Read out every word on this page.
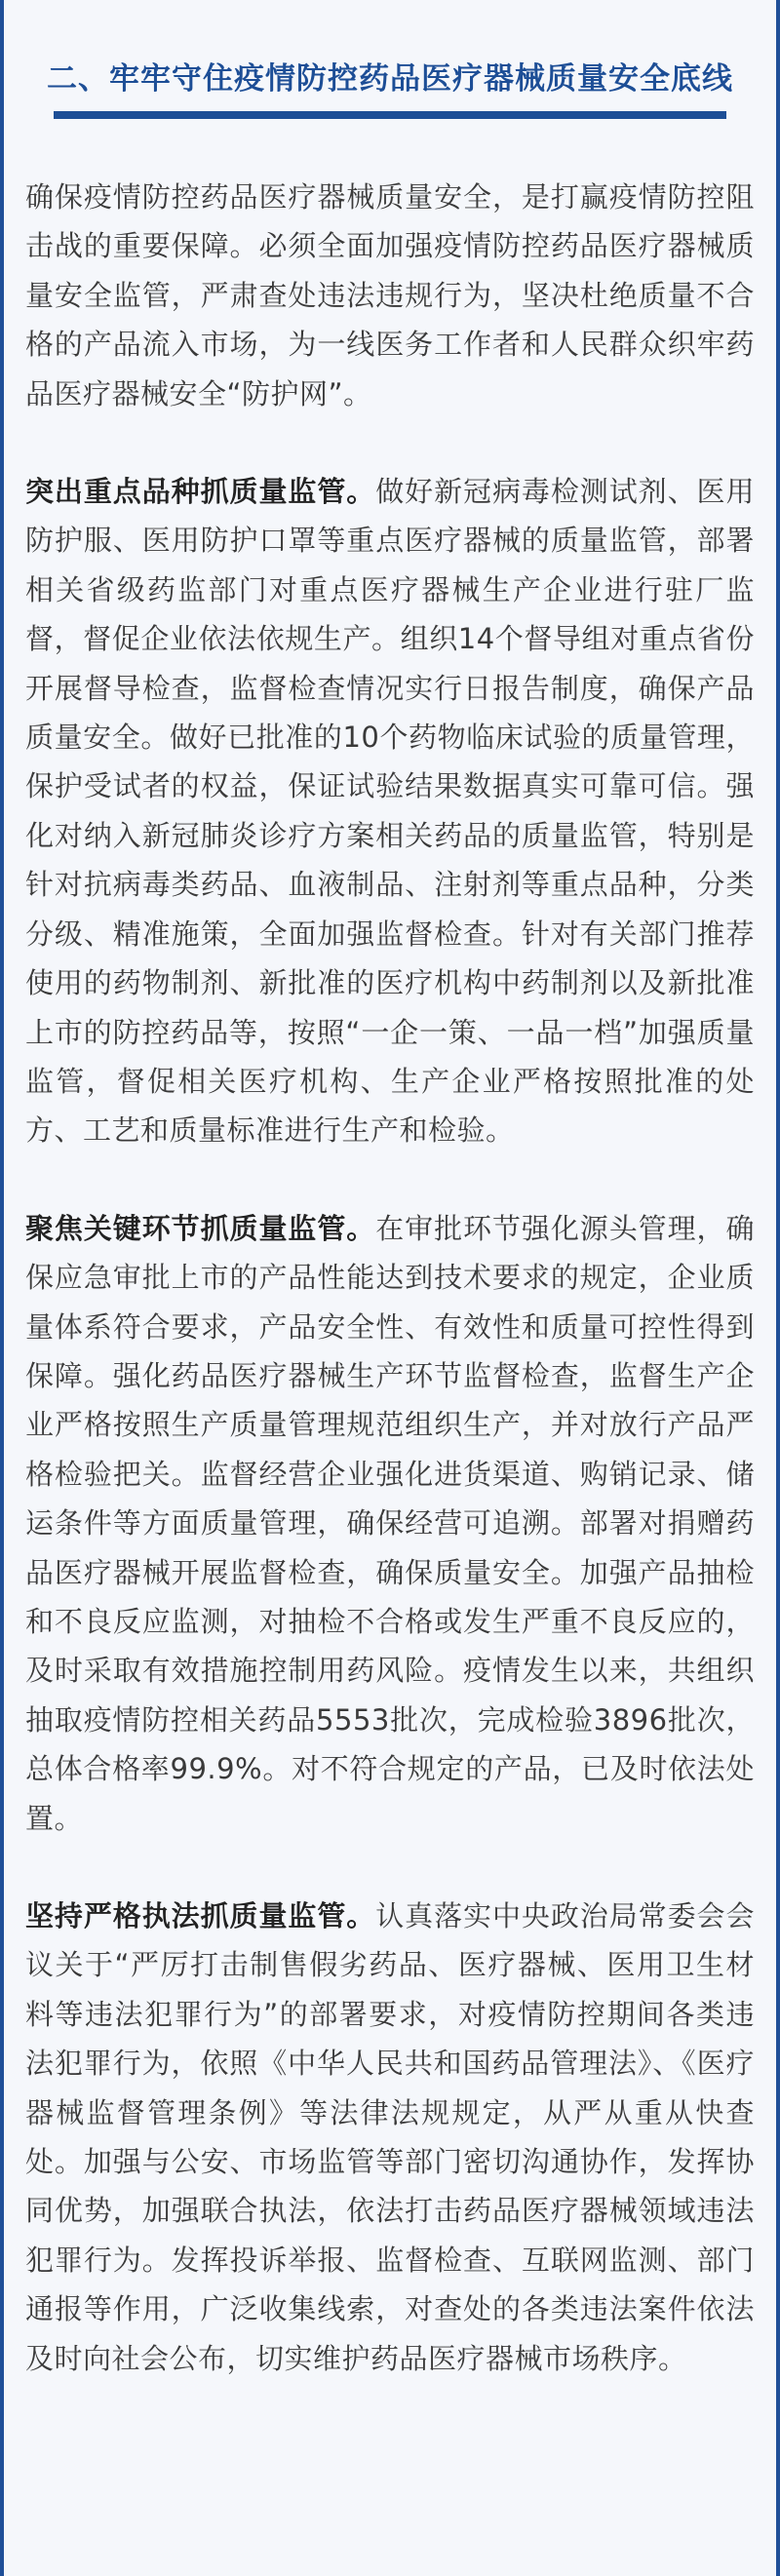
二、牢牢守住疫情防控药品医疗器械质量安全底线

确保疫情防控药品医疗器械质量安全，是打赢疫情防控阻击战的重要保障。必须全面加强疫情防控药品医疗器械质量安全监管，严肃查处违法违规行为，坚决杜绝质量不合格的产品流入市场，为一线医务工作者和人民群众织牢药品医疗器械安全“防护网”。

突出重点品种抓质量监管。做好新冠病毒检测试剂、医用防护服、医用防护口罩等重点医疗器械的质量监管，部署相关省级药监部门对重点医疗器械生产企业进行驻厂监督，督促企业依法依规生产。组织14个督导组对重点省份开展督导检查，监督检查情况实行日报告制度，确保产品质量安全。做好已批准的10个药物临床试验的质量管理，保护受试者的权益，保证试验结果数据真实可靠可信。强化对纳入新冠肺炎诊疗方案相关药品的质量监管，特别是针对抗病毒类药品、血液制品、注射剂等重点品种，分类分级、精准施策，全面加强监督检查。针对有关部门推荐使用的药物制剂、新批准的医疗机构中药制剂以及新批准上市的防控药品等，按照“一企一策、一品一档”加强质量监管，督促相关医疗机构、生产企业严格按照批准的处方、工艺和质量标准进行生产和检验。

聚焦关键环节抓质量监管。在审批环节强化源头管理，确保应急审批上市的产品性能达到技术要求的规定，企业质量体系符合要求，产品安全性、有效性和质量可控性得到保障。强化药品医疗器械生产环节监督检查，监督生产企业严格按照生产质量管理规范组织生产，并对放行产品严格检验把关。监督经营企业强化进货渠道、购销记录、储运条件等方面质量管理，确保经营可追溯。部署对捐赠药品医疗器械开展监督检查，确保质量安全。加强产品抽检和不良反应监测，对抽检不合格或发生严重不良反应的，及时采取有效措施控制用药风险。疫情发生以来，共组织抽取疫情防控相关药品5553批次，完成检验3896批次，总体合格率99.9%。对不符合规定的产品，已及时依法处置。

坚持严格执法抓质量监管。认真落实中央政治局常委会会议关于“严厉打击制售假劣药品、医疗器械、医用卫生材料等违法犯罪行为”的部署要求，对疫情防控期间各类违法犯罪行为，依照《中华人民共和国药品管理法》、《医疗器械监督管理条例》等法律法规规定，从严从重从快查处。加强与公安、市场监管等部门密切沟通协作，发挥协同优势，加强联合执法，依法打击药品医疗器械领域违法犯罪行为。发挥投诉举报、监督检查、互联网监测、部门通报等作用，广泛收集线索，对查处的各类违法案件依法及时向社会公布，切实维护药品医疗器械市场秩序。
